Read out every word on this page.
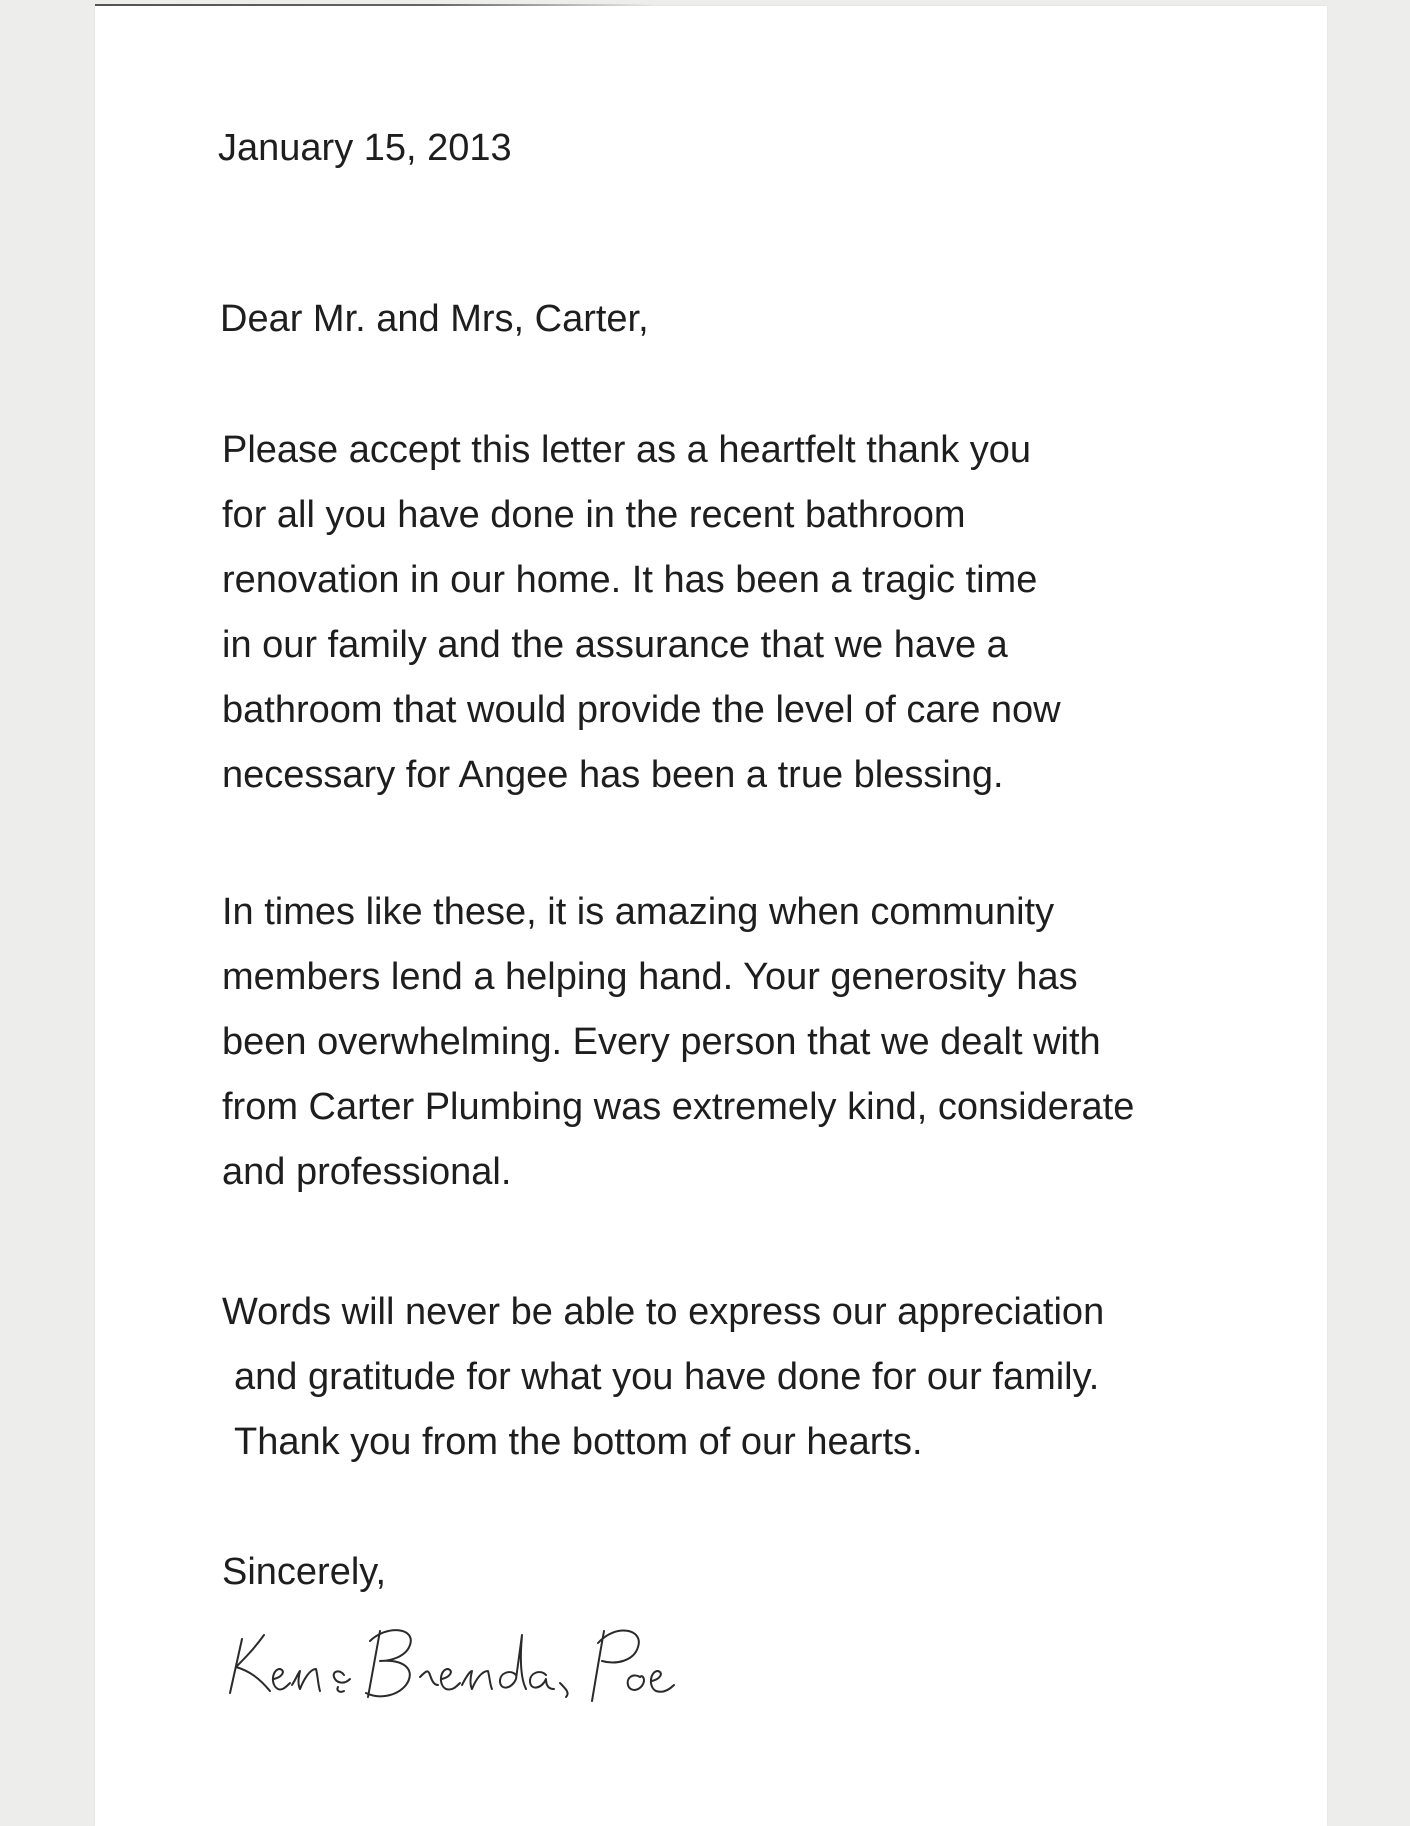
January 15, 2013
Dear Mr. and Mrs, Carter,

Please accept this letter as a heartfelt thank you
for all you have done in the recent bathroom
renovation in our home. It has been a tragic time
in our family and the assurance that we have a
bathroom that would provide the level of care now
necessary for Angee has been a true blessing.

In times like these, it is amazing when community
members lend a helping hand. Your generosity has
been overwhelming. Every person that we dealt with
from Carter Plumbing was extremely kind, considerate
and professional.

Words will never be able to express our appreciation
and gratitude for what you have done for our family.
Thank you from the bottom of our hearts.

Sincerely,
